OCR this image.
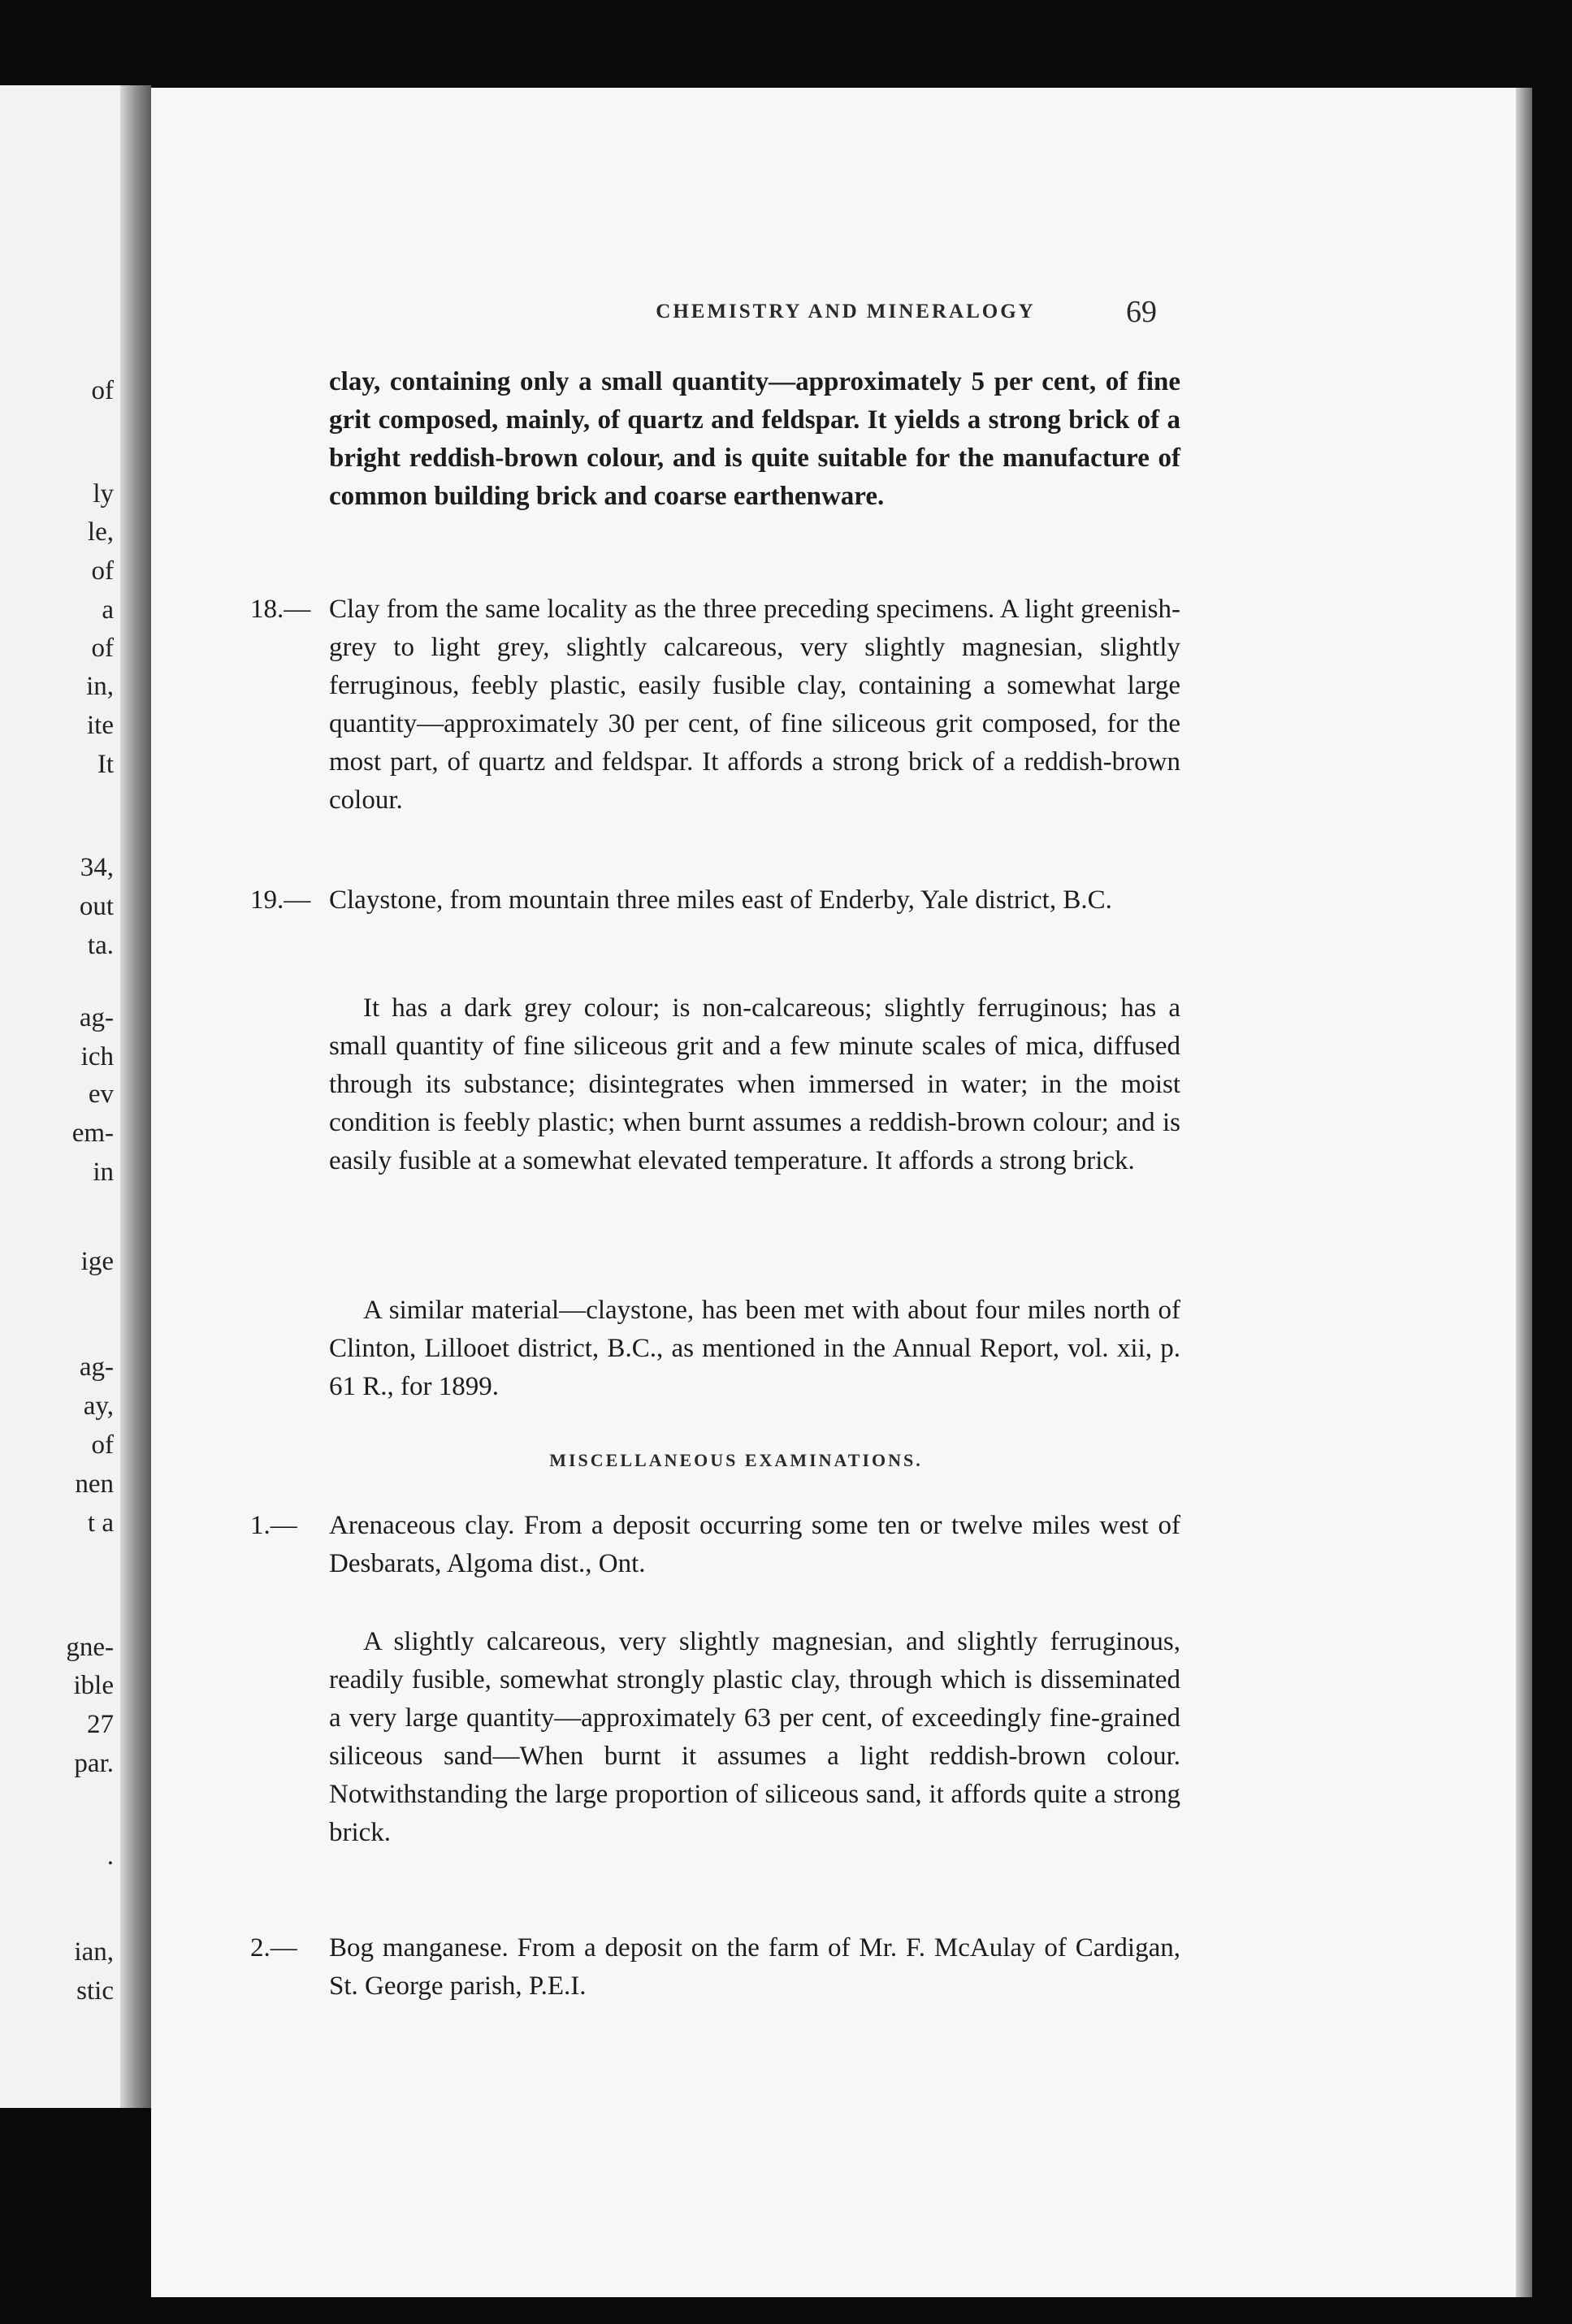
of
ly
le,
of
a
of
in,
ite
It
34,
out
ta.
ag-
ich
ev
em-
in
ige
ag-
ay,
of
nen
t a
gne-
ible
27
par.
.
ian,
stic
CHEMISTRY AND MINERALOGY	69
clay, containing only a small quantity—approximately 5 per cent, of fine grit composed, mainly, of quartz and feldspar. It yields a strong brick of a bright reddish-brown colour, and is quite suitable for the manufacture of common building brick and coarse earthenware.
18.— Clay from the same locality as the three preceding specimens. A light greenish-grey to light grey, slightly calcareous, very slightly magnesian, slightly ferruginous, feebly plastic, easily fusible clay, containing a somewhat large quantity—approximately 30 per cent, of fine siliceous grit composed, for the most part, of quartz and feldspar. It affords a strong brick of a reddish-brown colour.
19.— Claystone, from mountain three miles east of Enderby, Yale district, B.C.
It has a dark grey colour; is non-calcareous; slightly ferruginous; has a small quantity of fine siliceous grit and a few minute scales of mica, diffused through its substance; disintegrates when immersed in water; in the moist condition is feebly plastic; when burnt assumes a reddish-brown colour; and is easily fusible at a somewhat elevated temperature. It affords a strong brick.
A similar material—claystone, has been met with about four miles north of Clinton, Lillooet district, B.C., as mentioned in the Annual Report, vol. xii, p. 61 R., for 1899.
MISCELLANEOUS EXAMINATIONS.
1.— Arenaceous clay. From a deposit occurring some ten or twelve miles west of Desbarats, Algoma dist., Ont.
A slightly calcareous, very slightly magnesian, and slightly ferruginous, readily fusible, somewhat strongly plastic clay, through which is disseminated a very large quantity—approximately 63 per cent, of exceedingly fine-grained siliceous sand—When burnt it assumes a light reddish-brown colour. Notwithstanding the large proportion of siliceous sand, it affords quite a strong brick.
2.— Bog manganese. From a deposit on the farm of Mr. F. McAulay of Cardigan, St. George parish, P.E.I.
